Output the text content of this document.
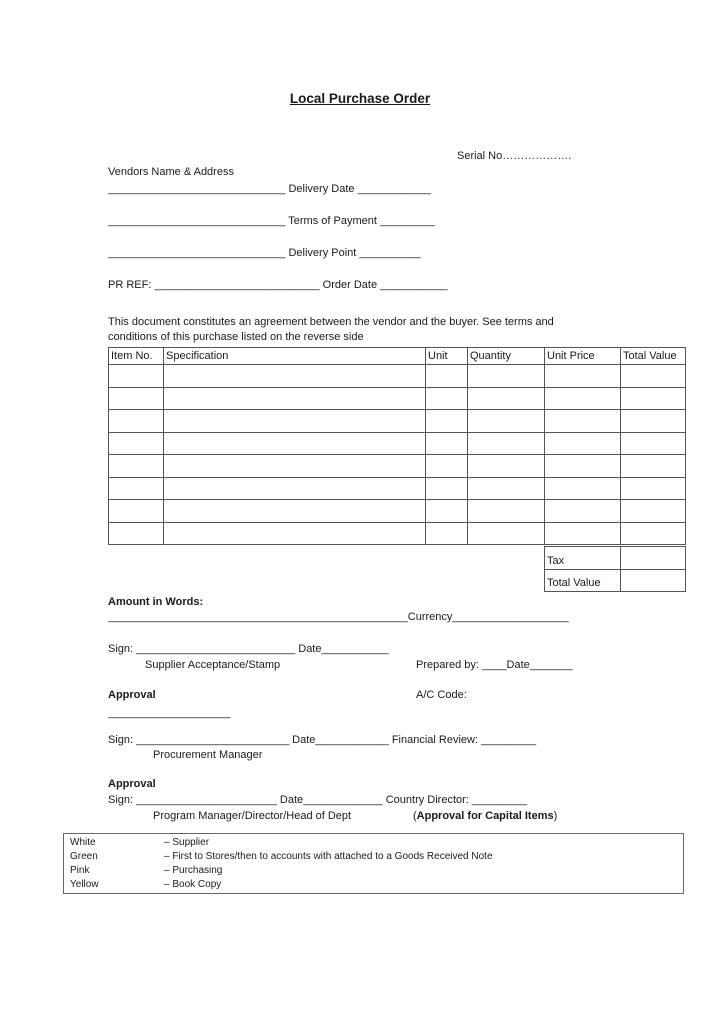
Local Purchase Order
Serial No……………….
Vendors Name & Address
_____________________________ Delivery Date ____________
_____________________________ Terms of Payment _________
_____________________________ Delivery Point __________
PR REF: ___________________________ Order Date ___________
This document constitutes an agreement between the vendor and the buyer. See terms and
conditions of this purchase listed on the reverse side
Item No.	Specification	Unit	Quantity	Unit Price	Total Value

Tax	
Total Value	
Amount in Words:
_________________________________________________Currency___________________
Sign: __________________________ Date___________
Supplier Acceptance/Stamp	Prepared by: ____Date_______
Approval	A/C Code:
____________________
Sign: _________________________ Date____________ Financial Review: _________
Procurement Manager
Approval
Sign: _______________________ Date_____________ Country Director: _________
Program Manager/Director/Head of Dept	(Approval for Capital Items)
White	– Supplier
Green	– First to Stores/then to accounts with attached to a Goods Received Note
Pink	– Purchasing
Yellow	– Book Copy
